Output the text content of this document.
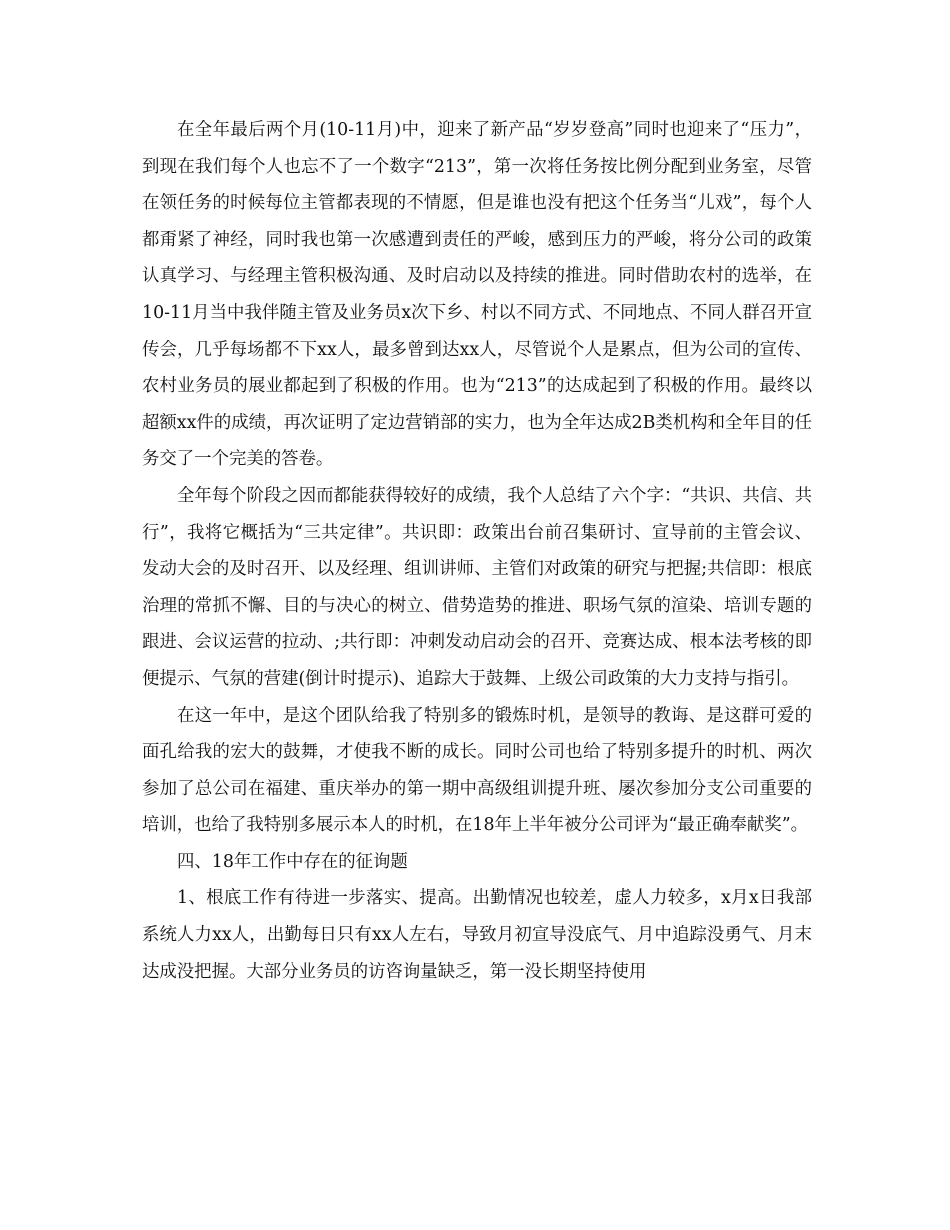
在全年最后两个月(10-11月)中，迎来了新产品“岁岁登高”同时也迎来了“压力”，到现在我们每个人也忘不了一个数字“213”，第一次将任务按比例分配到业务室，尽管在领任务的时候每位主管都表现的不情愿，但是谁也没有把这个任务当“儿戏”，每个人都甭紧了神经，同时我也第一次感遭到责任的严峻，感到压力的严峻，将分公司的政策认真学习、与经理主管积极沟通、及时启动以及持续的推进。同时借助农村的选举，在10-11月当中我伴随主管及业务员x次下乡、村以不同方式、不同地点、不同人群召开宣传会，几乎每场都不下xx人，最多曾到达xx人，尽管说个人是累点，但为公司的宣传、农村业务员的展业都起到了积极的作用。也为“213”的达成起到了积极的作用。最终以超额xx件的成绩，再次证明了定边营销部的实力，也为全年达成2B类机构和全年目的任务交了一个完美的答卷。

全年每个阶段之因而都能获得较好的成绩，我个人总结了六个字：“共识、共信、共行”，我将它概括为“三共定律”。共识即：政策出台前召集研讨、宣导前的主管会议、发动大会的及时召开、以及经理、组训讲师、主管们对政策的研究与把握;共信即：根底治理的常抓不懈、目的与决心的树立、借势造势的推进、职场气氛的渲染、培训专题的跟进、会议运营的拉动、;共行即：冲刺发动启动会的召开、竞赛达成、根本法考核的即便提示、气氛的营建(倒计时提示)、追踪大于鼓舞、上级公司政策的大力支持与指引。

在这一年中，是这个团队给我了特别多的锻炼时机，是领导的教诲、是这群可爱的面孔给我的宏大的鼓舞，才使我不断的成长。同时公司也给了特别多提升的时机、两次参加了总公司在福建、重庆举办的第一期中高级组训提升班、屡次参加分支公司重要的培训，也给了我特别多展示本人的时机，在18年上半年被分公司评为“最正确奉献奖”。

四、18年工作中存在的征询题

1、根底工作有待进一步落实、提高。出勤情况也较差，虚人力较多，x月x日我部系统人力xx人，出勤每日只有xx人左右，导致月初宣导没底气、月中追踪没勇气、月末达成没把握。大部分业务员的访咨询量缺乏，第一没长期坚持使用
